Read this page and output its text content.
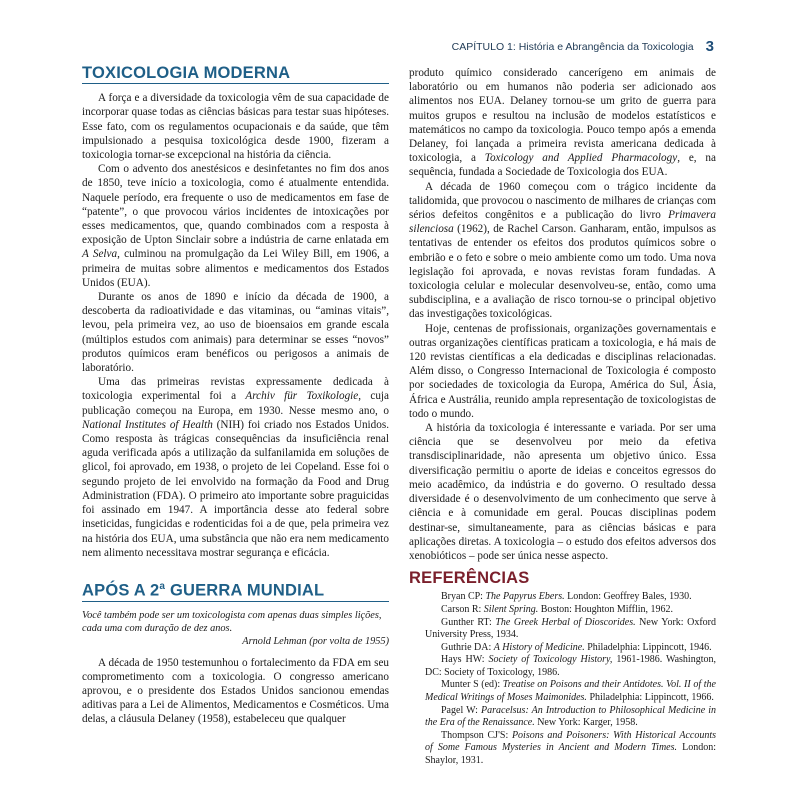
CAPÍTULO 1: História e Abrangência da Toxicologia 3
TOXICOLOGIA MODERNA

A força e a diversidade da toxicologia vêm de sua capacidade de incorporar quase todas as ciências básicas para testar suas hipóteses. Esse fato, com os regulamentos ocupacionais e da saúde, que têm impulsionado a pesquisa toxicológica desde 1900, fizeram a toxicologia tornar-se excepcional na história da ciência.

Com o advento dos anestésicos e desinfetantes no fim dos anos de 1850, teve início a toxicologia, como é atualmente entendida. Naquele período, era frequente o uso de medicamentos em fase de “patente”, o que provocou vários incidentes de intoxicações por esses medicamentos, que, quando combinados com a resposta à exposição de Upton Sinclair sobre a indústria de carne enlatada em A Selva, culminou na promulgação da Lei Wiley Bill, em 1906, a primeira de muitas sobre alimentos e medicamentos dos Estados Unidos (EUA).

Durante os anos de 1890 e início da década de 1900, a descoberta da radioatividade e das vitaminas, ou “aminas vitais”, levou, pela primeira vez, ao uso de bioensaios em grande escala (múltiplos estudos com animais) para determinar se esses “novos” produtos químicos eram benéficos ou perigosos a animais de laboratório.

Uma das primeiras revistas expressamente dedicada à toxicologia experimental foi a Archiv für Toxikologie, cuja publicação começou na Europa, em 1930. Nesse mesmo ano, o National Institutes of Health (NIH) foi criado nos Estados Unidos. Como resposta às trágicas consequências da insuficiência renal aguda verificada após a utilização da sulfanilamida em soluções de glicol, foi aprovado, em 1938, o projeto de lei Copeland. Esse foi o segundo projeto de lei envolvido na formação da Food and Drug Administration (FDA). O primeiro ato importante sobre praguicidas foi assinado em 1947. A importância desse ato federal sobre inseticidas, fungicidas e rodenticidas foi a de que, pela primeira vez na história dos EUA, uma substância que não era nem medicamento nem alimento necessitava mostrar segurança e eficácia.

APÓS A 2$^a$ GUERRA MUNDIAL
Você também pode ser um toxicologista com apenas duas simples lições, cada uma com duração de dez anos.
Arnold Lehman (por volta de 1955)

A década de 1950 testemunhou o fortalecimento da FDA em seu comprometimento com a toxicologia. O congresso americano aprovou, e o presidente dos Estados Unidos sancionou emendas aditivas para a Lei de Alimentos, Medicamentos e Cosméticos. Uma delas, a cláusula Delaney (1958), estabeleceu que qualquer

produto químico considerado cancerígeno em animais de laboratório ou em humanos não poderia ser adicionado aos alimentos nos EUA. Delaney tornou-se um grito de guerra para muitos grupos e resultou na inclusão de modelos estatísticos e matemáticos no campo da toxicologia. Pouco tempo após a emenda Delaney, foi lançada a primeira revista americana dedicada à toxicologia, a Toxicology and Applied Pharmacology, e, na sequência, fundada a Sociedade de Toxicologia dos EUA.

A década de 1960 começou com o trágico incidente da talidomida, que provocou o nascimento de milhares de crianças com sérios defeitos congênitos e a publicação do livro Primavera silenciosa (1962), de Rachel Carson. Ganharam, então, impulsos as tentativas de entender os efeitos dos produtos químicos sobre o embrião e o feto e sobre o meio ambiente como um todo. Uma nova legislação foi aprovada, e novas revistas foram fundadas. A toxicologia celular e molecular desenvolveu-se, então, como uma subdisciplina, e a avaliação de risco tornou-se o principal objetivo das investigações toxicológicas.

Hoje, centenas de profissionais, organizações governamentais e outras organizações científicas praticam a toxicologia, e há mais de 120 revistas científicas a ela dedicadas e disciplinas relacionadas. Além disso, o Congresso Internacional de Toxicologia é composto por sociedades de toxicologia da Europa, América do Sul, Ásia, África e Austrália, reunido ampla representação de toxicologistas de todo o mundo.

A história da toxicologia é interessante e variada. Por ser uma ciência que se desenvolveu por meio da efetiva transdisciplinaridade, não apresenta um objetivo único. Essa diversificação permitiu o aporte de ideias e conceitos egressos do meio acadêmico, da indústria e do governo. O resultado dessa diversidade é o desenvolvimento de um conhecimento que serve à ciência e à comunidade em geral. Poucas disciplinas podem destinar-se, simultaneamente, para as ciências básicas e para aplicações diretas. A toxicologia – o estudo dos efeitos adversos dos xenobióticos – pode ser única nesse aspecto.

REFERÊNCIAS

Bryan CP: The Papyrus Ebers. London: Geoffrey Bales, 1930.

Carson R: Silent Spring. Boston: Houghton Mifflin, 1962.

Gunther RT: The Greek Herbal of Dioscorides. New York: Oxford University Press, 1934.

Guthrie DA: A History of Medicine. Philadelphia: Lippincott, 1946.

Hays HW: Society of Toxicology History, 1961-1986. Washington, DC: Society of Toxicology, 1986.

Munter S (ed): Treatise on Poisons and their Antidotes. Vol. II of the Medical Writings of Moses Maimonides. Philadelphia: Lippincott, 1966.

Pagel W: Paracelsus: An Introduction to Philosophical Medicine in the Era of the Renaissance. New York: Karger, 1958.

Thompson CJ'S: Poisons and Poisoners: With Historical Accounts of Some Famous Mysteries in Ancient and Modern Times. London: Shaylor, 1931.
